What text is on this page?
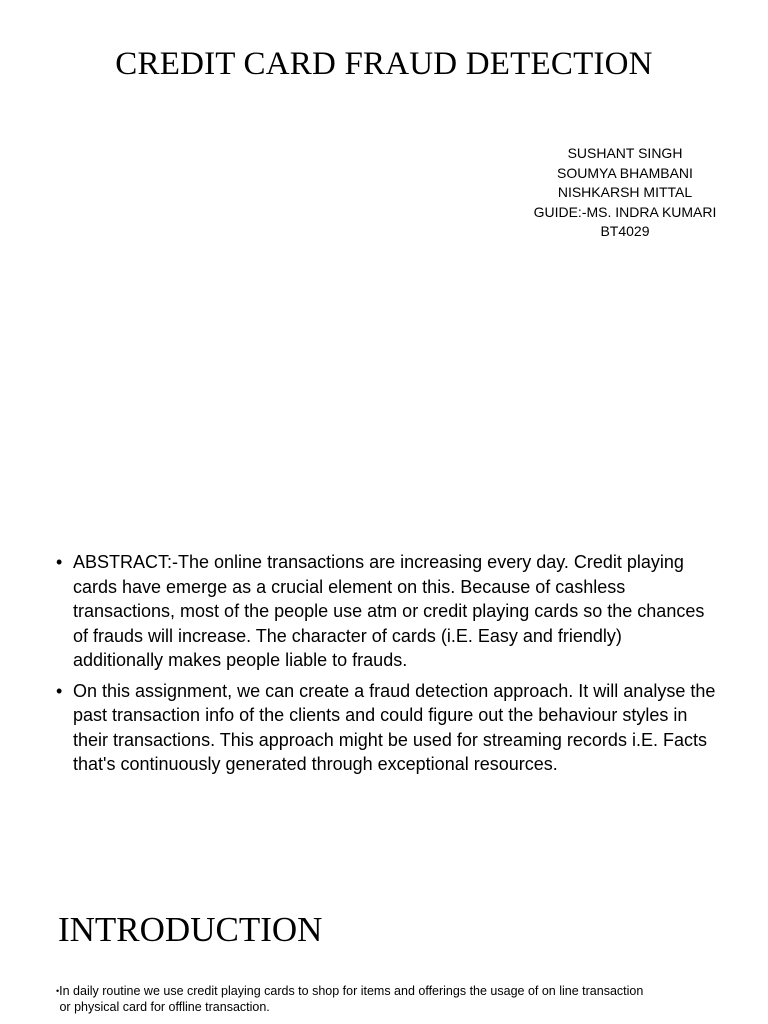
CREDIT CARD FRAUD DETECTION
SUSHANT SINGH
SOUMYA BHAMBANI
NISHKARSH MITTAL
GUIDE:-MS. INDRA KUMARI
BT4029
• ABSTRACT:-The online transactions are increasing every day. Credit playing cards have emerge as a crucial element on this. Because of cashless transactions, most of the people use atm or credit playing cards so the chances of frauds will increase. The character of cards (i.E. Easy and friendly) additionally makes people liable to frauds.
• On this assignment, we can create a fraud detection approach. It will analyse the past transaction info of the clients and could figure out the behaviour styles in their transactions. This approach might be used for streaming records i.E. Facts that's continuously generated through exceptional resources.
INTRODUCTION
•In daily routine we use credit playing cards to shop for items and offerings the usage of on line transaction
or physical card for offline transaction.
